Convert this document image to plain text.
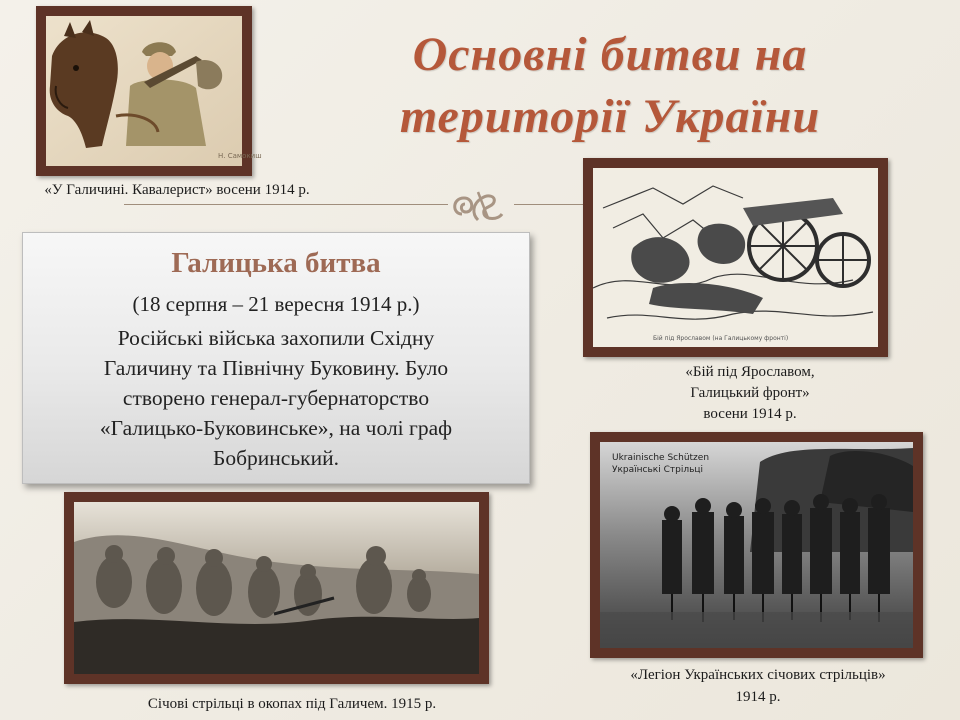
Основні битви на
території України
Н. Самокиш
«У Галичині. Кавалерист» восени 1914 р.
Бій під Ярославом (на Галицькому фронті)
«Бій під Ярославом,
Галицький фронт»
восени 1914 р.
Галицька битва
(18 серпня – 21 вересня 1914 р.)
Російські війська захопили Східну
Галичину та Північну Буковину. Було
створено генерал-губернаторство
«Галицько-Буковинське», на чолі граф
Бобринський.	Ukrainische Schützen
Українські Стрільці
«Легіон Українських січових стрільців»
1914 р.
Січові стрільці в окопах під Галичем. 1915 р.
